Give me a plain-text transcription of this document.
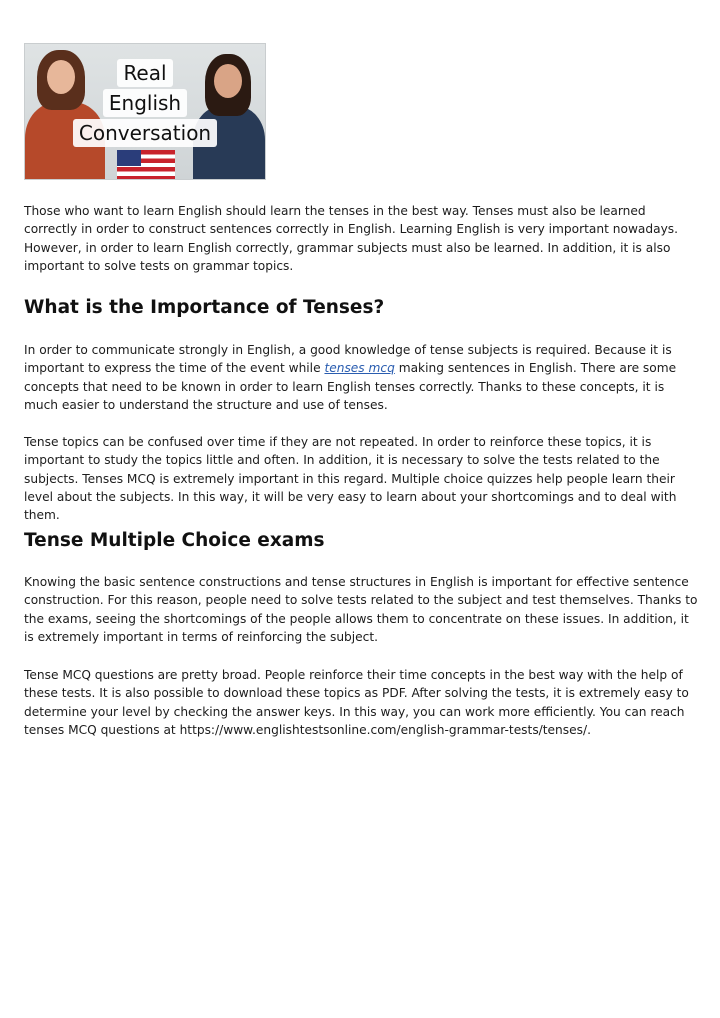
Real
English
Conversation

Those who want to learn English should learn the tenses in the best way. Tenses must also be learned correctly in order to construct sentences correctly in English. Learning English is very important nowadays. However, in order to learn English correctly, grammar subjects must also be learned. In addition, it is also important to solve tests on grammar topics.

What is the Importance of Tenses?

In order to communicate strongly in English, a good knowledge of tense subjects is required. Because it is important to express the time of the event while tenses mcq making sentences in English. There are some concepts that need to be known in order to learn English tenses correctly. Thanks to these concepts, it is much easier to understand the structure and use of tenses.

Tense topics can be confused over time if they are not repeated. In order to reinforce these topics, it is important to study the topics little and often. In addition, it is necessary to solve the tests related to the subjects. Tenses MCQ is extremely important in this regard. Multiple choice quizzes help people learn their level about the subjects. In this way, it will be very easy to learn about your shortcomings and to deal with them.

Tense Multiple Choice exams

Knowing the basic sentence constructions and tense structures in English is important for effective sentence construction. For this reason, people need to solve tests related to the subject and test themselves. Thanks to the exams, seeing the shortcomings of the people allows them to concentrate on these issues. In addition, it is extremely important in terms of reinforcing the subject.

Tense MCQ questions are pretty broad. People reinforce their time concepts in the best way with the help of these tests. It is also possible to download these topics as PDF. After solving the tests, it is extremely easy to determine your level by checking the answer keys. In this way, you can work more efficiently. You can reach tenses MCQ questions at https://www.englishtestsonline.com/english-grammar-tests/tenses/.
